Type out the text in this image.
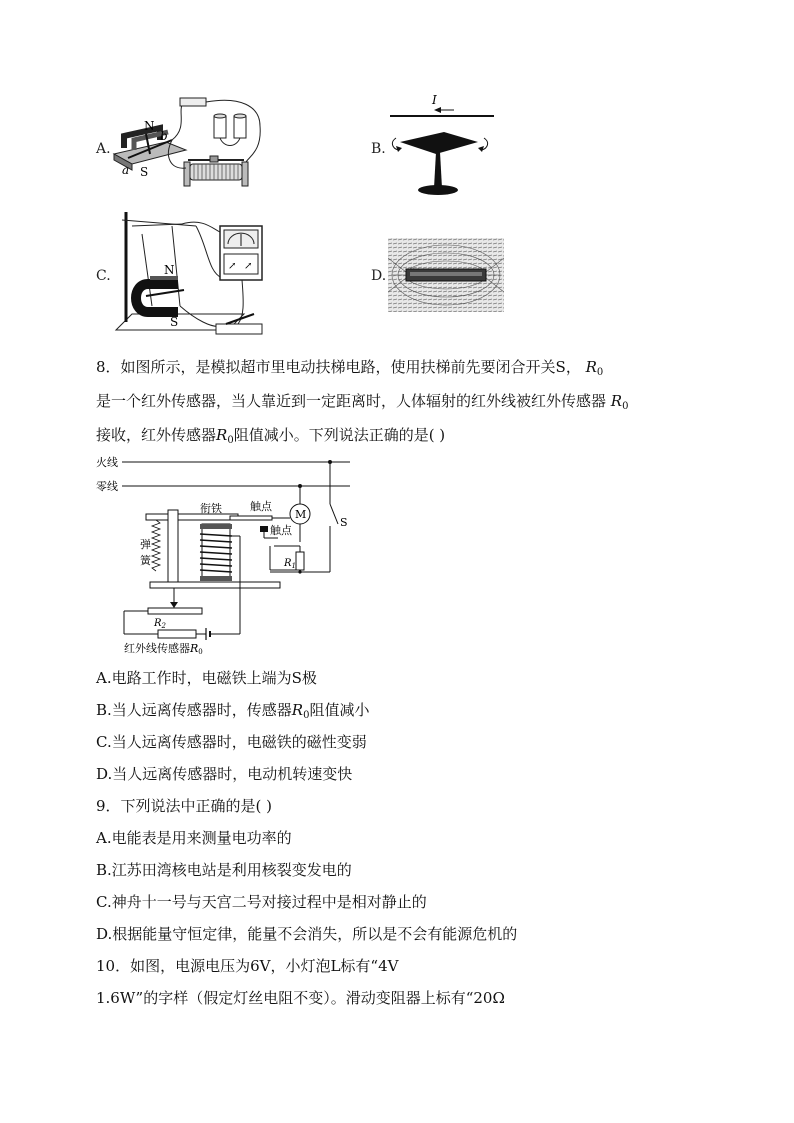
A.
N
S
a
b
B.
I
C.	N
S
↗ ↗
D.
8．如图所示，是模拟超市里电动扶梯电路，使用扶梯前先要闭合开关S， $R_0$
是一个红外传感器，当人靠近到一定距离时，人体辐射的红外线被红外传感器 $R_0$
接收，红外传感器$R_0$阻值减小。下列说法正确的是( )
火线
零线
衔铁	触点
弹
簧
触点
M
$R_1$
S
$R_2$
红外线传感器R0
A.电路工作时，电磁铁上端为S极
B.当人远离传感器时，传感器$R_0$阻值减小
C.当人远离传感器时，电磁铁的磁性变弱
D.当人远离传感器时，电动机转速变快
9．下列说法中正确的是( )
A.电能表是用来测量电功率的
B.江苏田湾核电站是利用核裂变发电的
C.神舟十一号与天宫二号对接过程中是相对静止的
D.根据能量守恒定律，能量不会消失，所以是不会有能源危机的
10．如图，电源电压为6V，小灯泡L标有“4V
1.6W”的字样（假定灯丝电阻不变）。滑动变阻器上标有“20Ω
